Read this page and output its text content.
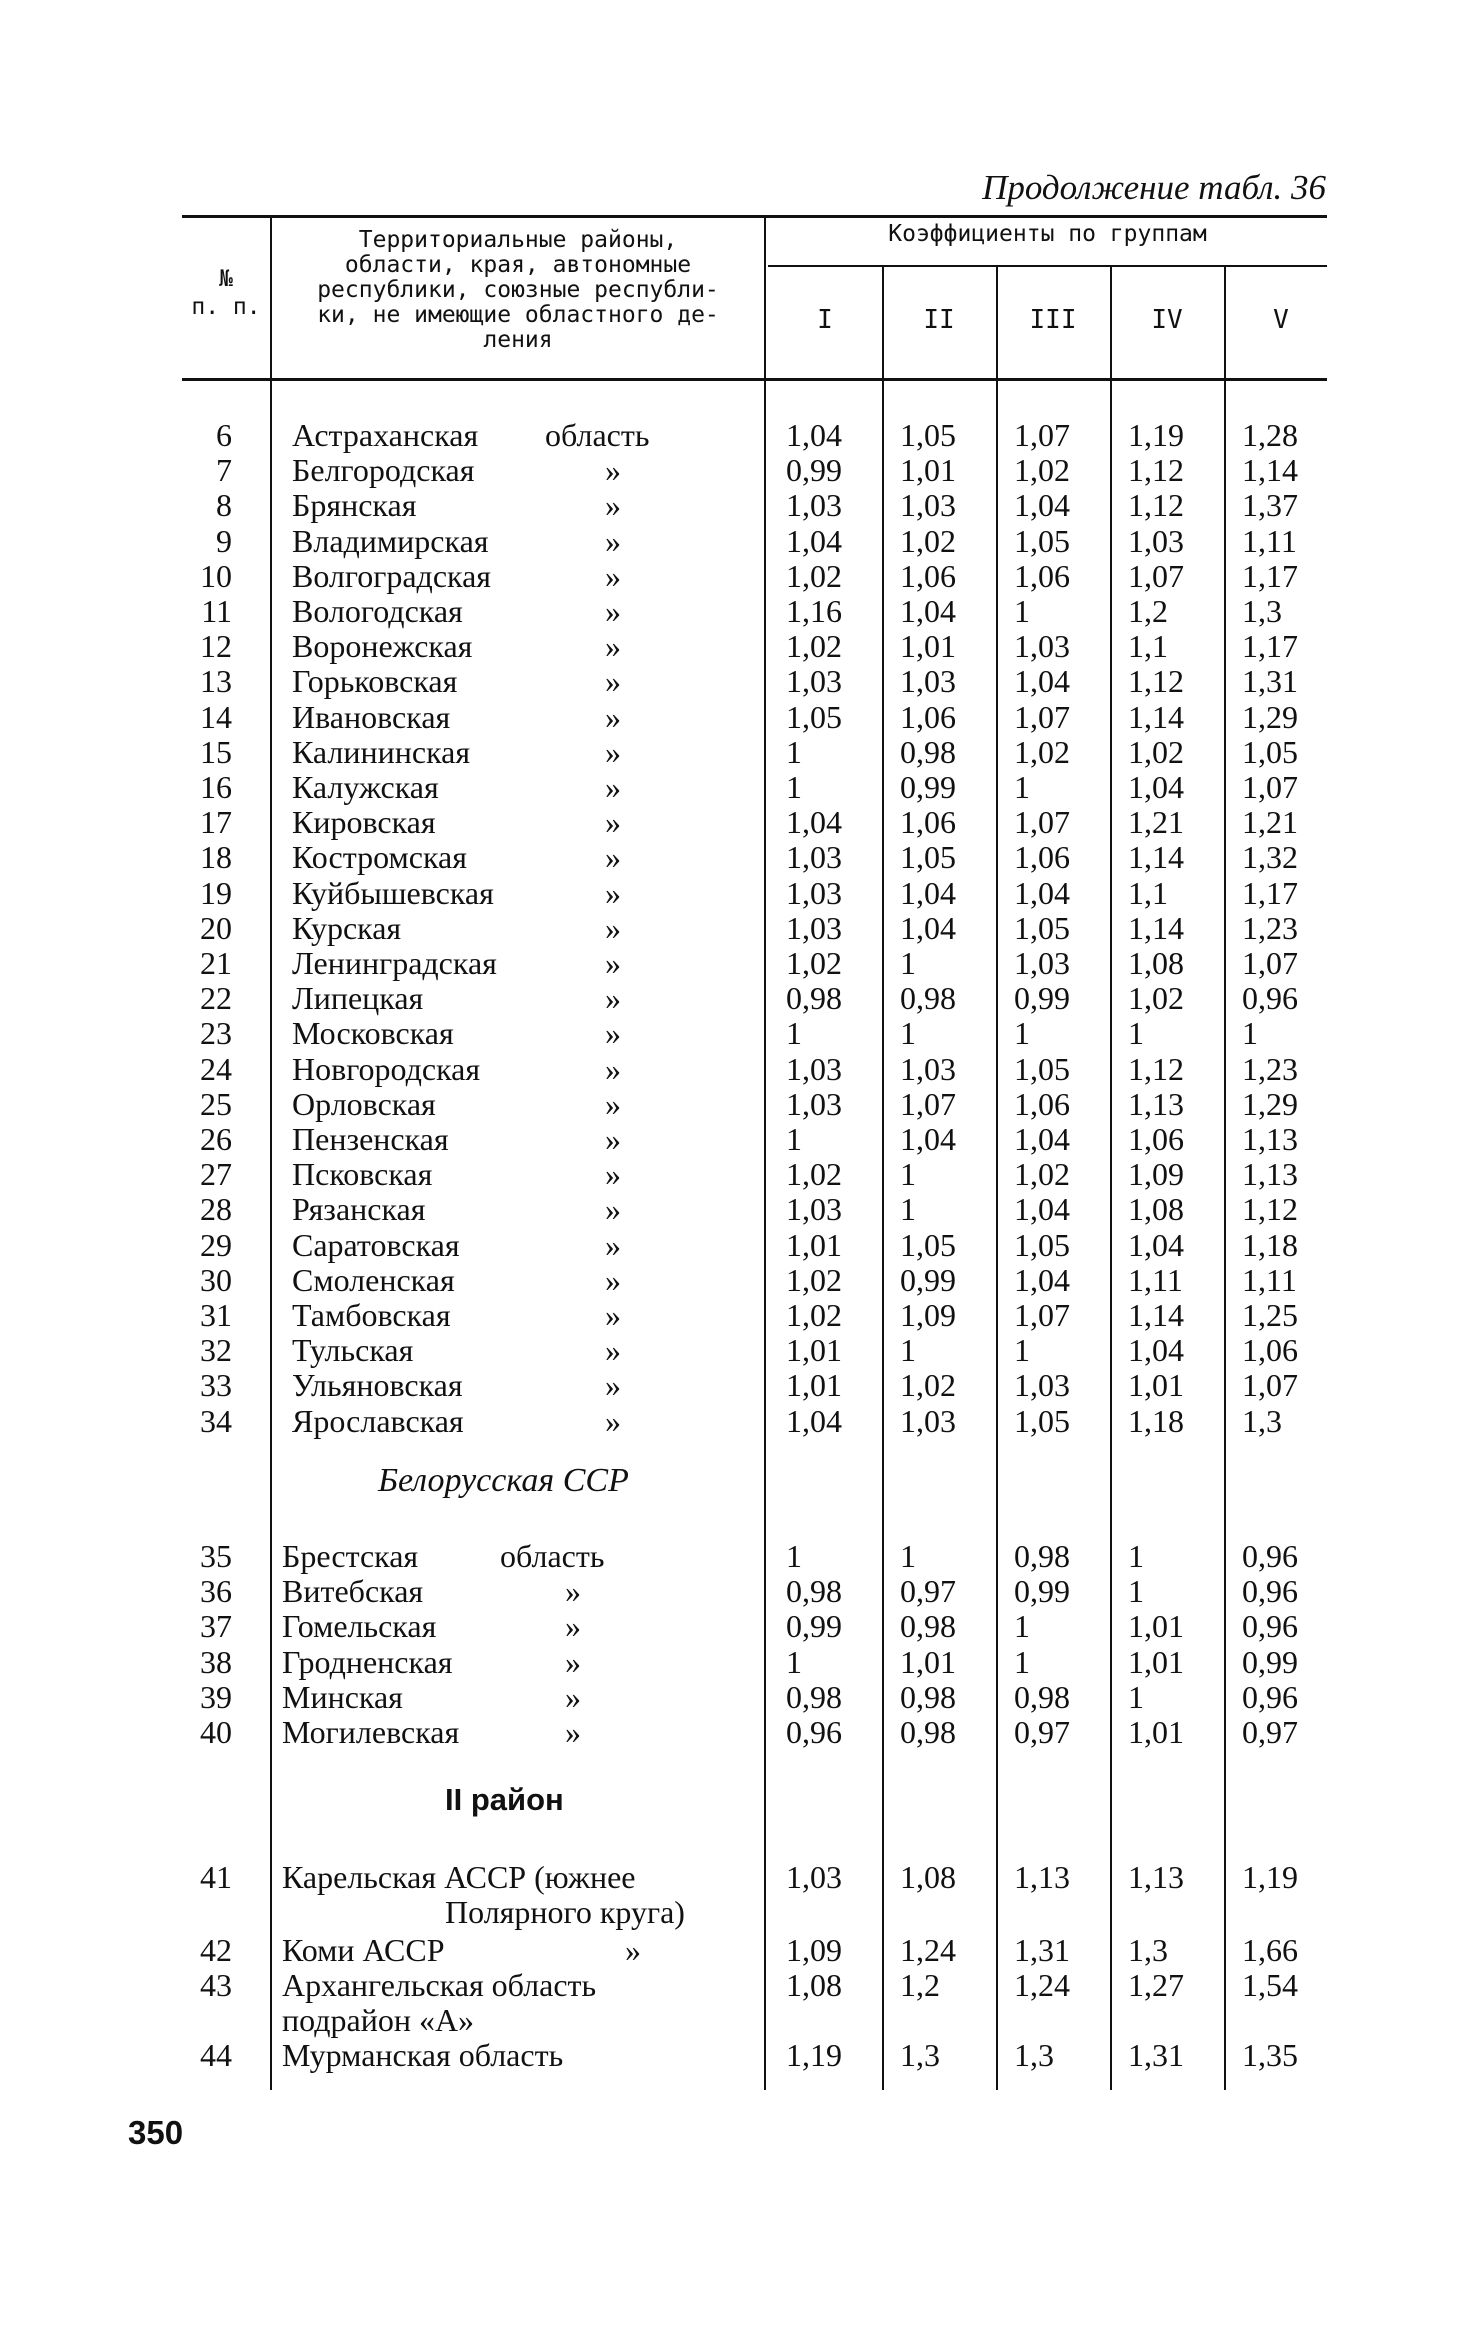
Продолжение табл. 36
№
п. п.
Территориальные районы,
области, края, автономные
республики, союзные республи-
ки, не имеющие областного де-
ления
Коэффициенты по группам
I	II	III	IV	V
6 Астраханская область	1,04 1,05 1,07 1,19 1,28
7 Белгородская	»	0,99 1,01 1,02 1,12 1,14
8 Брянская	»	1,03 1,03 1,04 1,12 1,37
9 Владимирская	»	1,04 1,02 1,05 1,03 1,11
10 Волгоградская	»	1,02 1,06 1,06 1,07 1,17
11 Вологодская	»	1,16 1,04 1	1,2 1,3
12 Воронежская	»	1,02 1,01 1,03 1,1 1,17
13 Горьковская	»	1,03 1,03 1,04 1,12 1,31
14 Ивановская	»	1,05 1,06 1,07 1,14 1,29
15 Калининская	»	1	0,98 1,02 1,02 1,05
16 Калужская	»	1	0,99 1	1,04 1,07
17 Кировская	»	1,04 1,06 1,07 1,21 1,21
18 Костромская	»	1,03 1,05 1,06 1,14 1,32
19 Куйбышевская	»	1,03 1,04 1,04 1,1 1,17
20 Курская	»	1,03 1,04 1,05 1,14 1,23
21 Ленинградская	»	1,02 1	1,03 1,08 1,07
22 Липецкая	»	0,98 0,98 0,99 1,02 0,96
23 Московская	»	1	1	1	1	1
24 Новгородская	»	1,03 1,03 1,05 1,12 1,23
25 Орловская	»	1,03 1,07 1,06 1,13 1,29
26 Пензенская	»	1	1,04 1,04 1,06 1,13
27 Псковская	»	1,02 1	1,02 1,09 1,13
28 Рязанская	»	1,03 1	1,04 1,08 1,12
29 Саратовская	»	1,01 1,05 1,05 1,04 1,18
30 Смоленская	»	1,02 0,99 1,04 1,11 1,11
31 Тамбовская	»	1,02 1,09 1,07 1,14 1,25
32 Тульская	»	1,01 1	1	1,04 1,06
33 Ульяновская	»	1,01 1,02 1,03 1,01 1,07
34 Ярославская	»	1,04 1,03 1,05 1,18 1,3
35 Брестская	область	1	1	0,98 1	0,96
36 Витебская	»	0,98 0,97 0,99 1	0,96
37 Гомельская	»	0,99 0,98 1	1,01 0,96
38 Гродненская	»	1	1,01 1	1,01 0,99
39 Минская	»	0,98 0,98 0,98 1	0,96
40 Могилевская	»	0,96 0,98 0,97 1,01 0,97
41 Карельская АССР (южнее	1,03 1,08 1,13 1,13 1,19
Полярного круга)
42 Коми АССР	»	1,09 1,24 1,31 1,3 1,66
43 Архангельская область	1,08 1,2 1,24 1,27 1,54
подрайон «А»
44 Мурманская область	1,19 1,3 1,3 1,31 1,35
Белорусская ССР
II район
350
